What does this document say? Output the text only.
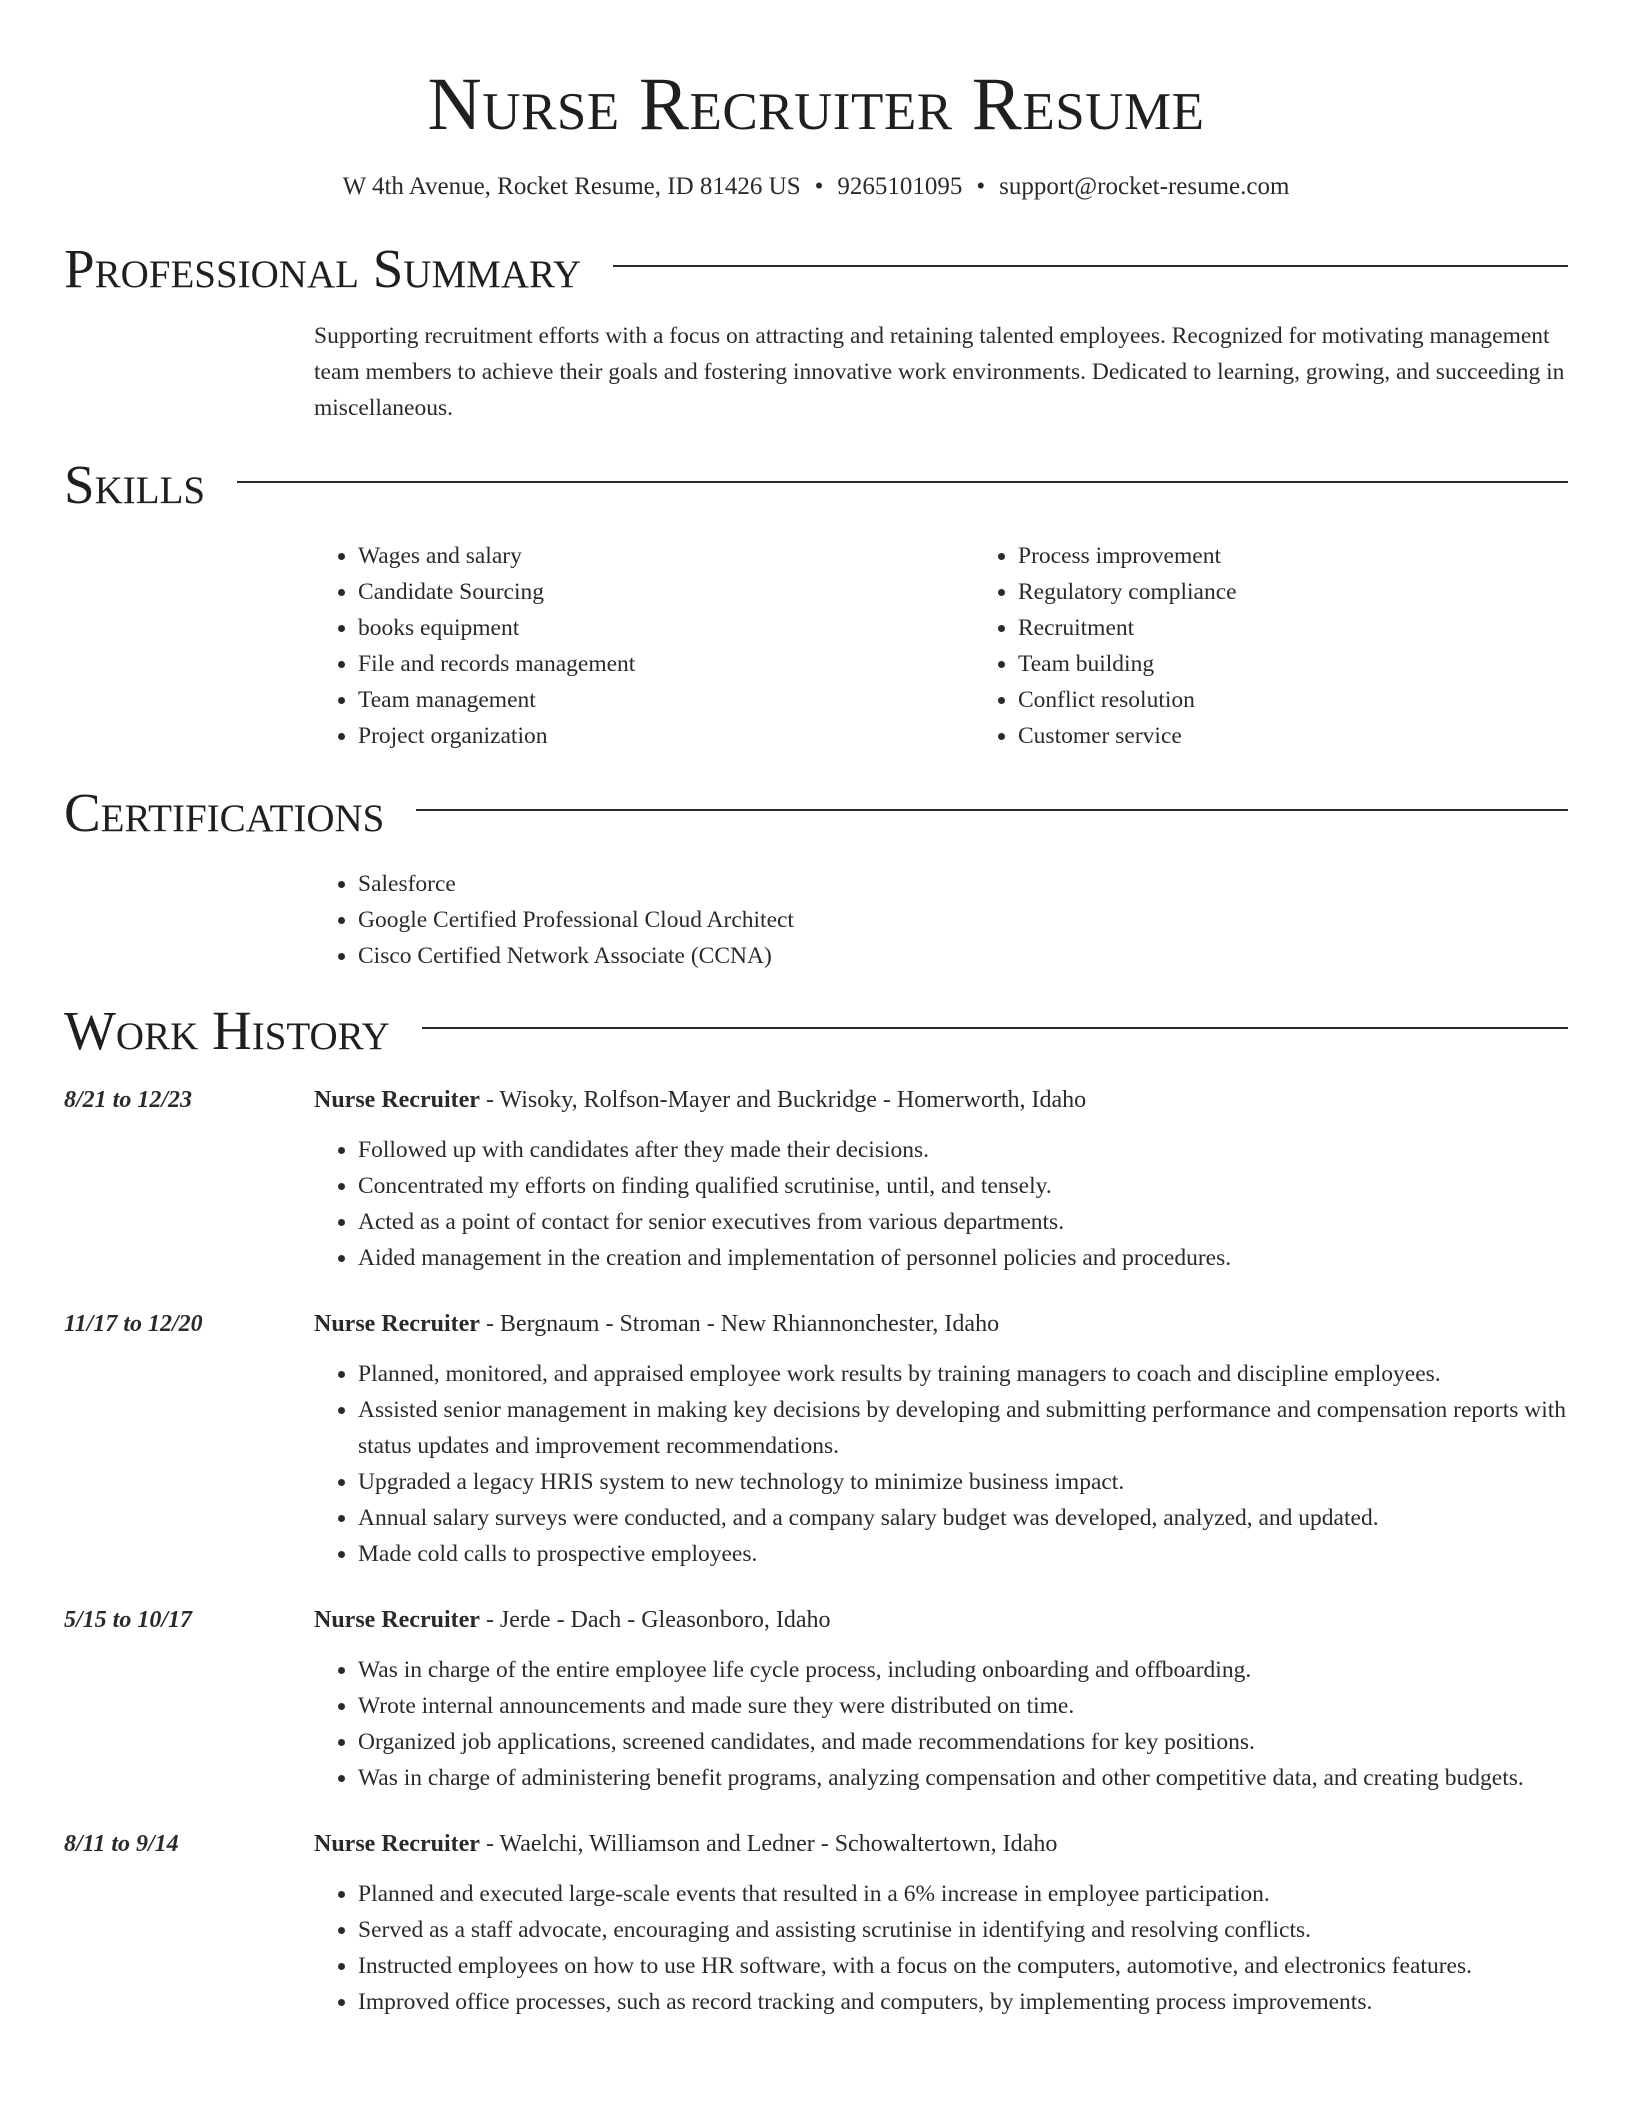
Nurse Recruiter Resume
W 4th Avenue, Rocket Resume, ID 81426 US • 9265101095 • support@rocket-resume.com
Professional Summary

Supporting recruitment efforts with a focus on attracting and retaining talented employees. Recognized for motivating management team members to achieve their goals and fostering innovative work environments. Dedicated to learning, growing, and succeeding in miscellaneous.

Skills
• Wages and salary
• Candidate Sourcing
• books equipment
• File and records management
• Team management
• Project organization
• Process improvement
• Regulatory compliance
• Recruitment
• Team building
• Conflict resolution
• Customer service
Certifications
• Salesforce
• Google Certified Professional Cloud Architect
• Cisco Certified Network Associate (CCNA)
Work History
8/21 to 12/23	Nurse Recruiter - Wisoky, Rolfson-Mayer and Buckridge - Homerworth, Idaho
• Followed up with candidates after they made their decisions.
• Concentrated my efforts on finding qualified scrutinise, until, and tensely.
• Acted as a point of contact for senior executives from various departments.
• Aided management in the creation and implementation of personnel policies and procedures.
11/17 to 12/20	Nurse Recruiter - Bergnaum - Stroman - New Rhiannonchester, Idaho
• Planned, monitored, and appraised employee work results by training managers to coach and discipline employees.
• Assisted senior management in making key decisions by developing and submitting performance and compensation reports with status updates and improvement recommendations.
• Upgraded a legacy HRIS system to new technology to minimize business impact.
• Annual salary surveys were conducted, and a company salary budget was developed, analyzed, and updated.
• Made cold calls to prospective employees.
5/15 to 10/17	Nurse Recruiter - Jerde - Dach - Gleasonboro, Idaho
• Was in charge of the entire employee life cycle process, including onboarding and offboarding.
• Wrote internal announcements and made sure they were distributed on time.
• Organized job applications, screened candidates, and made recommendations for key positions.
• Was in charge of administering benefit programs, analyzing compensation and other competitive data, and creating budgets.
8/11 to 9/14	Nurse Recruiter - Waelchi, Williamson and Ledner - Schowaltertown, Idaho
• Planned and executed large-scale events that resulted in a 6% increase in employee participation.
• Served as a staff advocate, encouraging and assisting scrutinise in identifying and resolving conflicts.
• Instructed employees on how to use HR software, with a focus on the computers, automotive, and electronics features.
• Improved office processes, such as record tracking and computers, by implementing process improvements.
